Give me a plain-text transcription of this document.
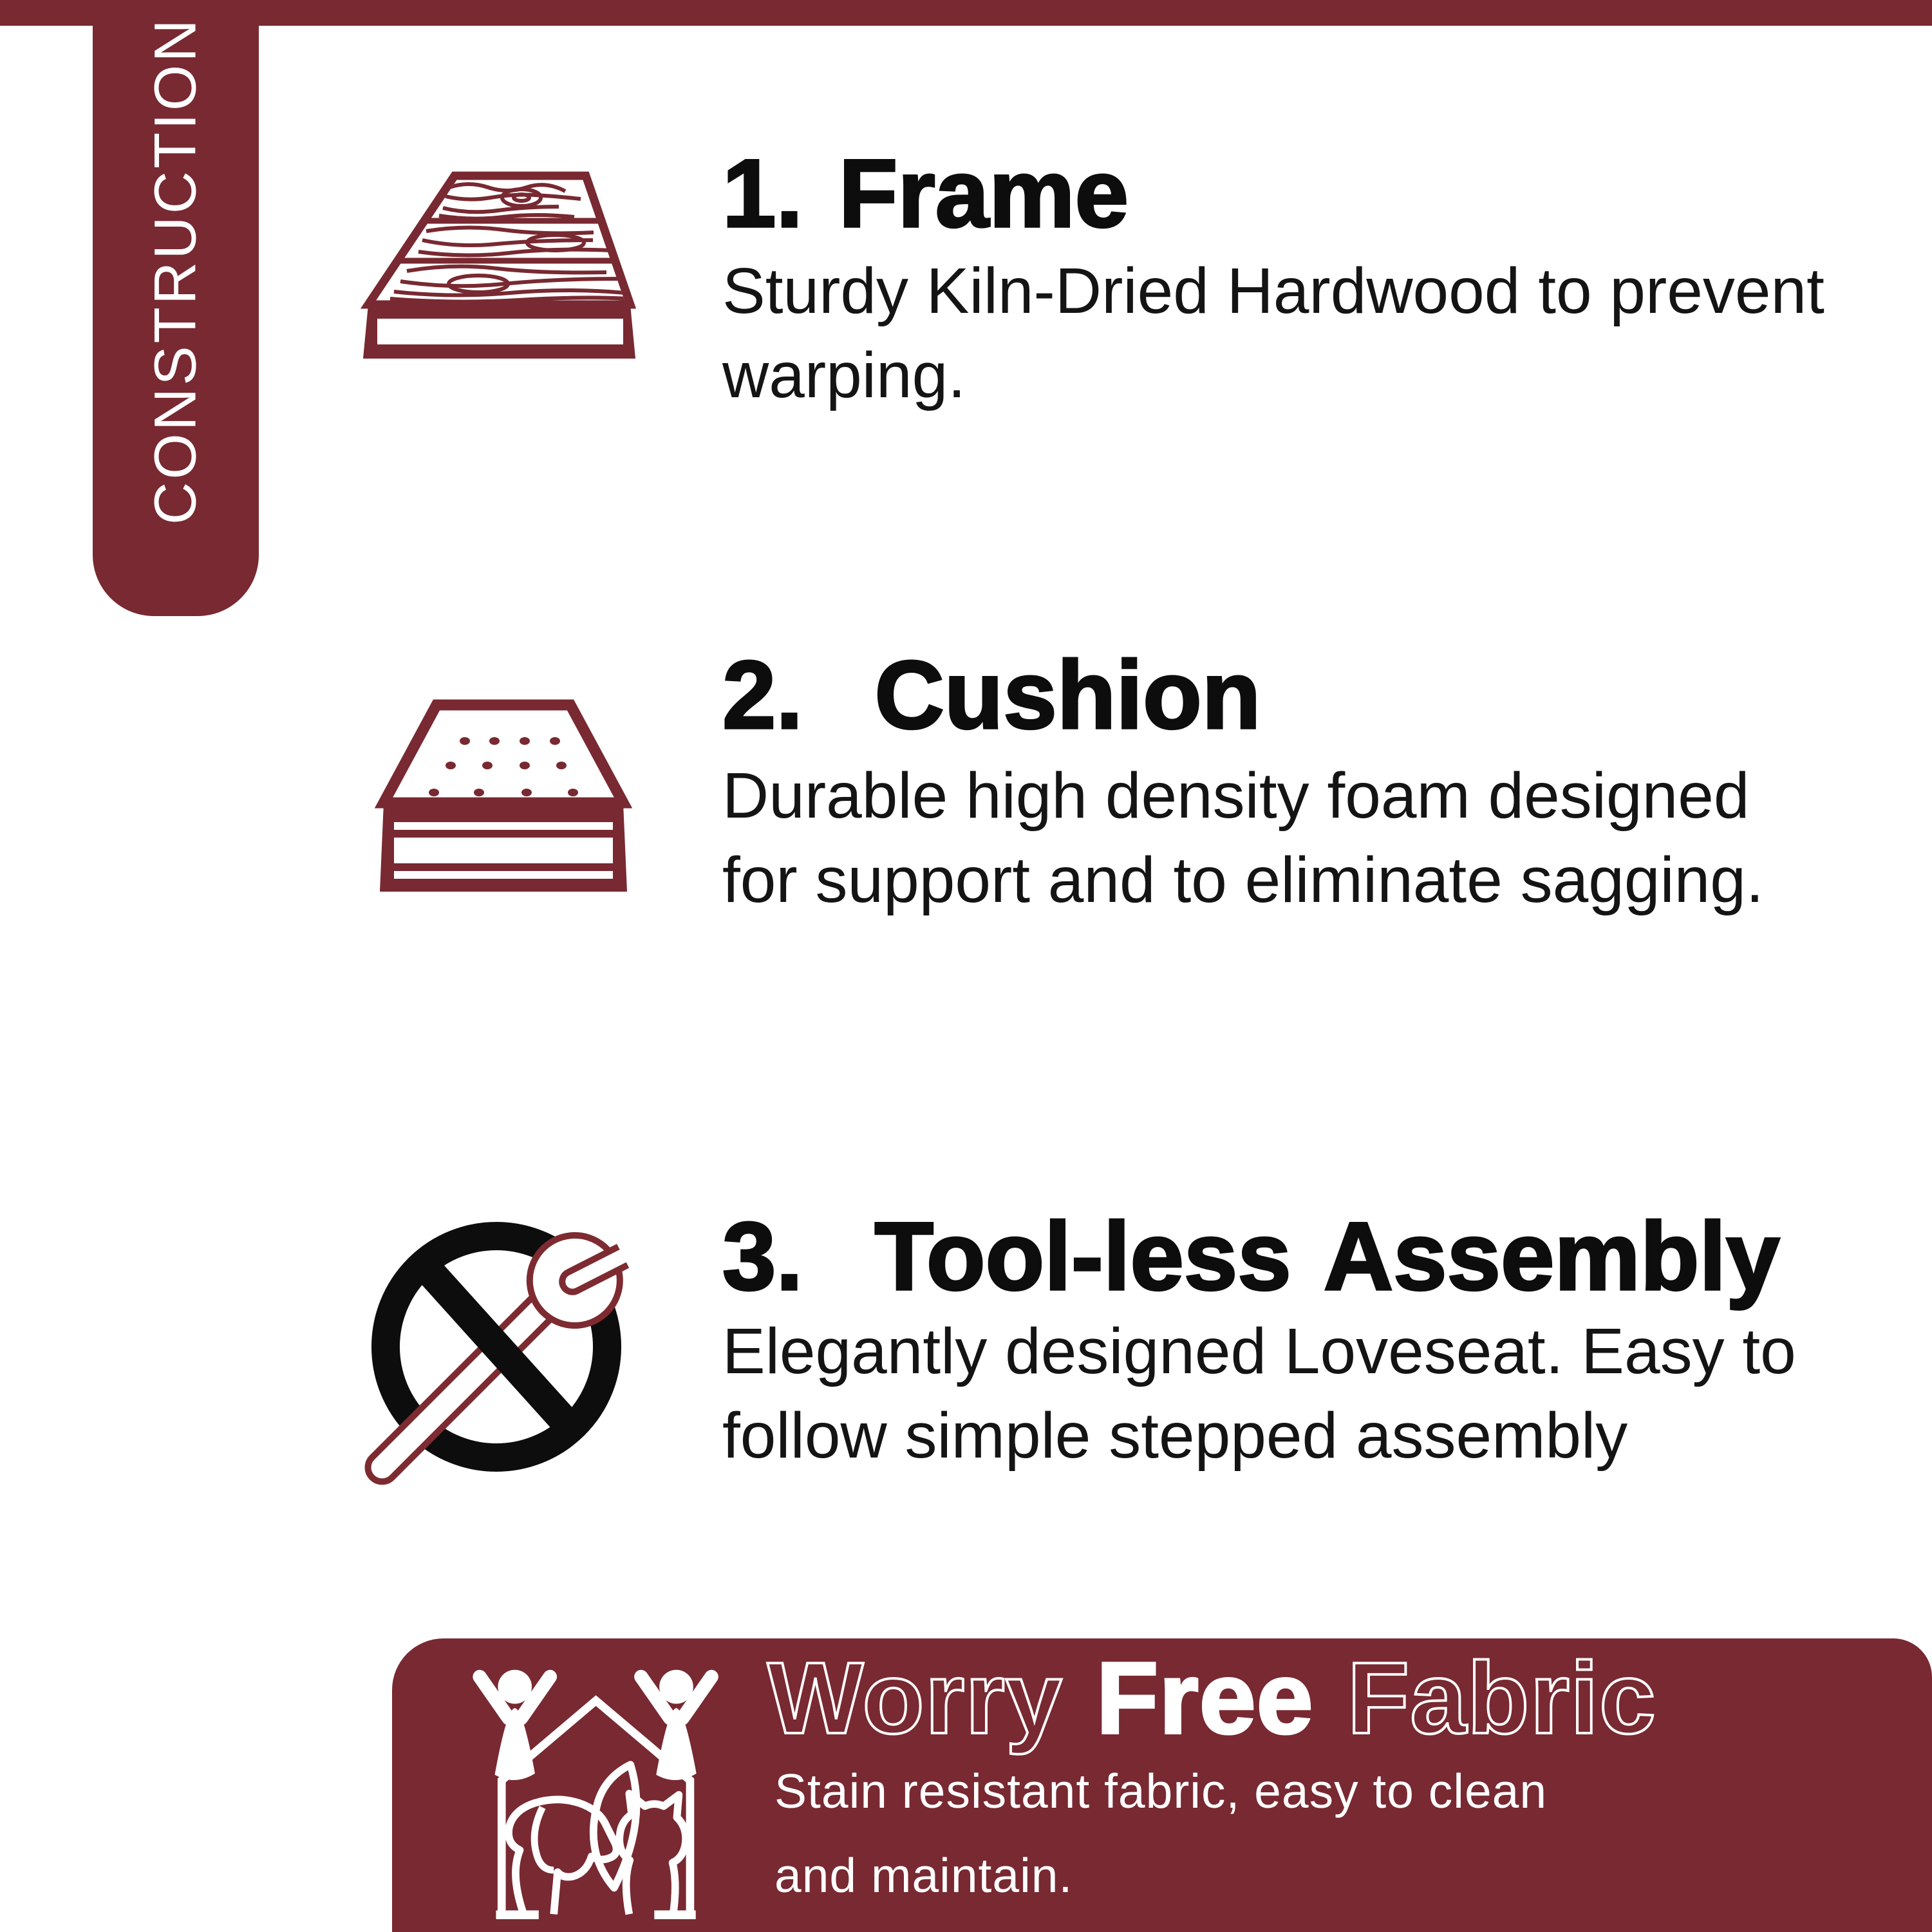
CONSTRUCTION	1. Frame
Sturdy Kiln-Dried Hardwood to prevent
warping.
2.  Cushion
Durable high density foam designed
for support and to eliminate sagging.
3.  Tool-less Assembly
Elegantly designed Loveseat. Easy to
follow simple stepped assembly
Worry Free Fabric
Stain resistant fabric, easy to clean
and maintain.
